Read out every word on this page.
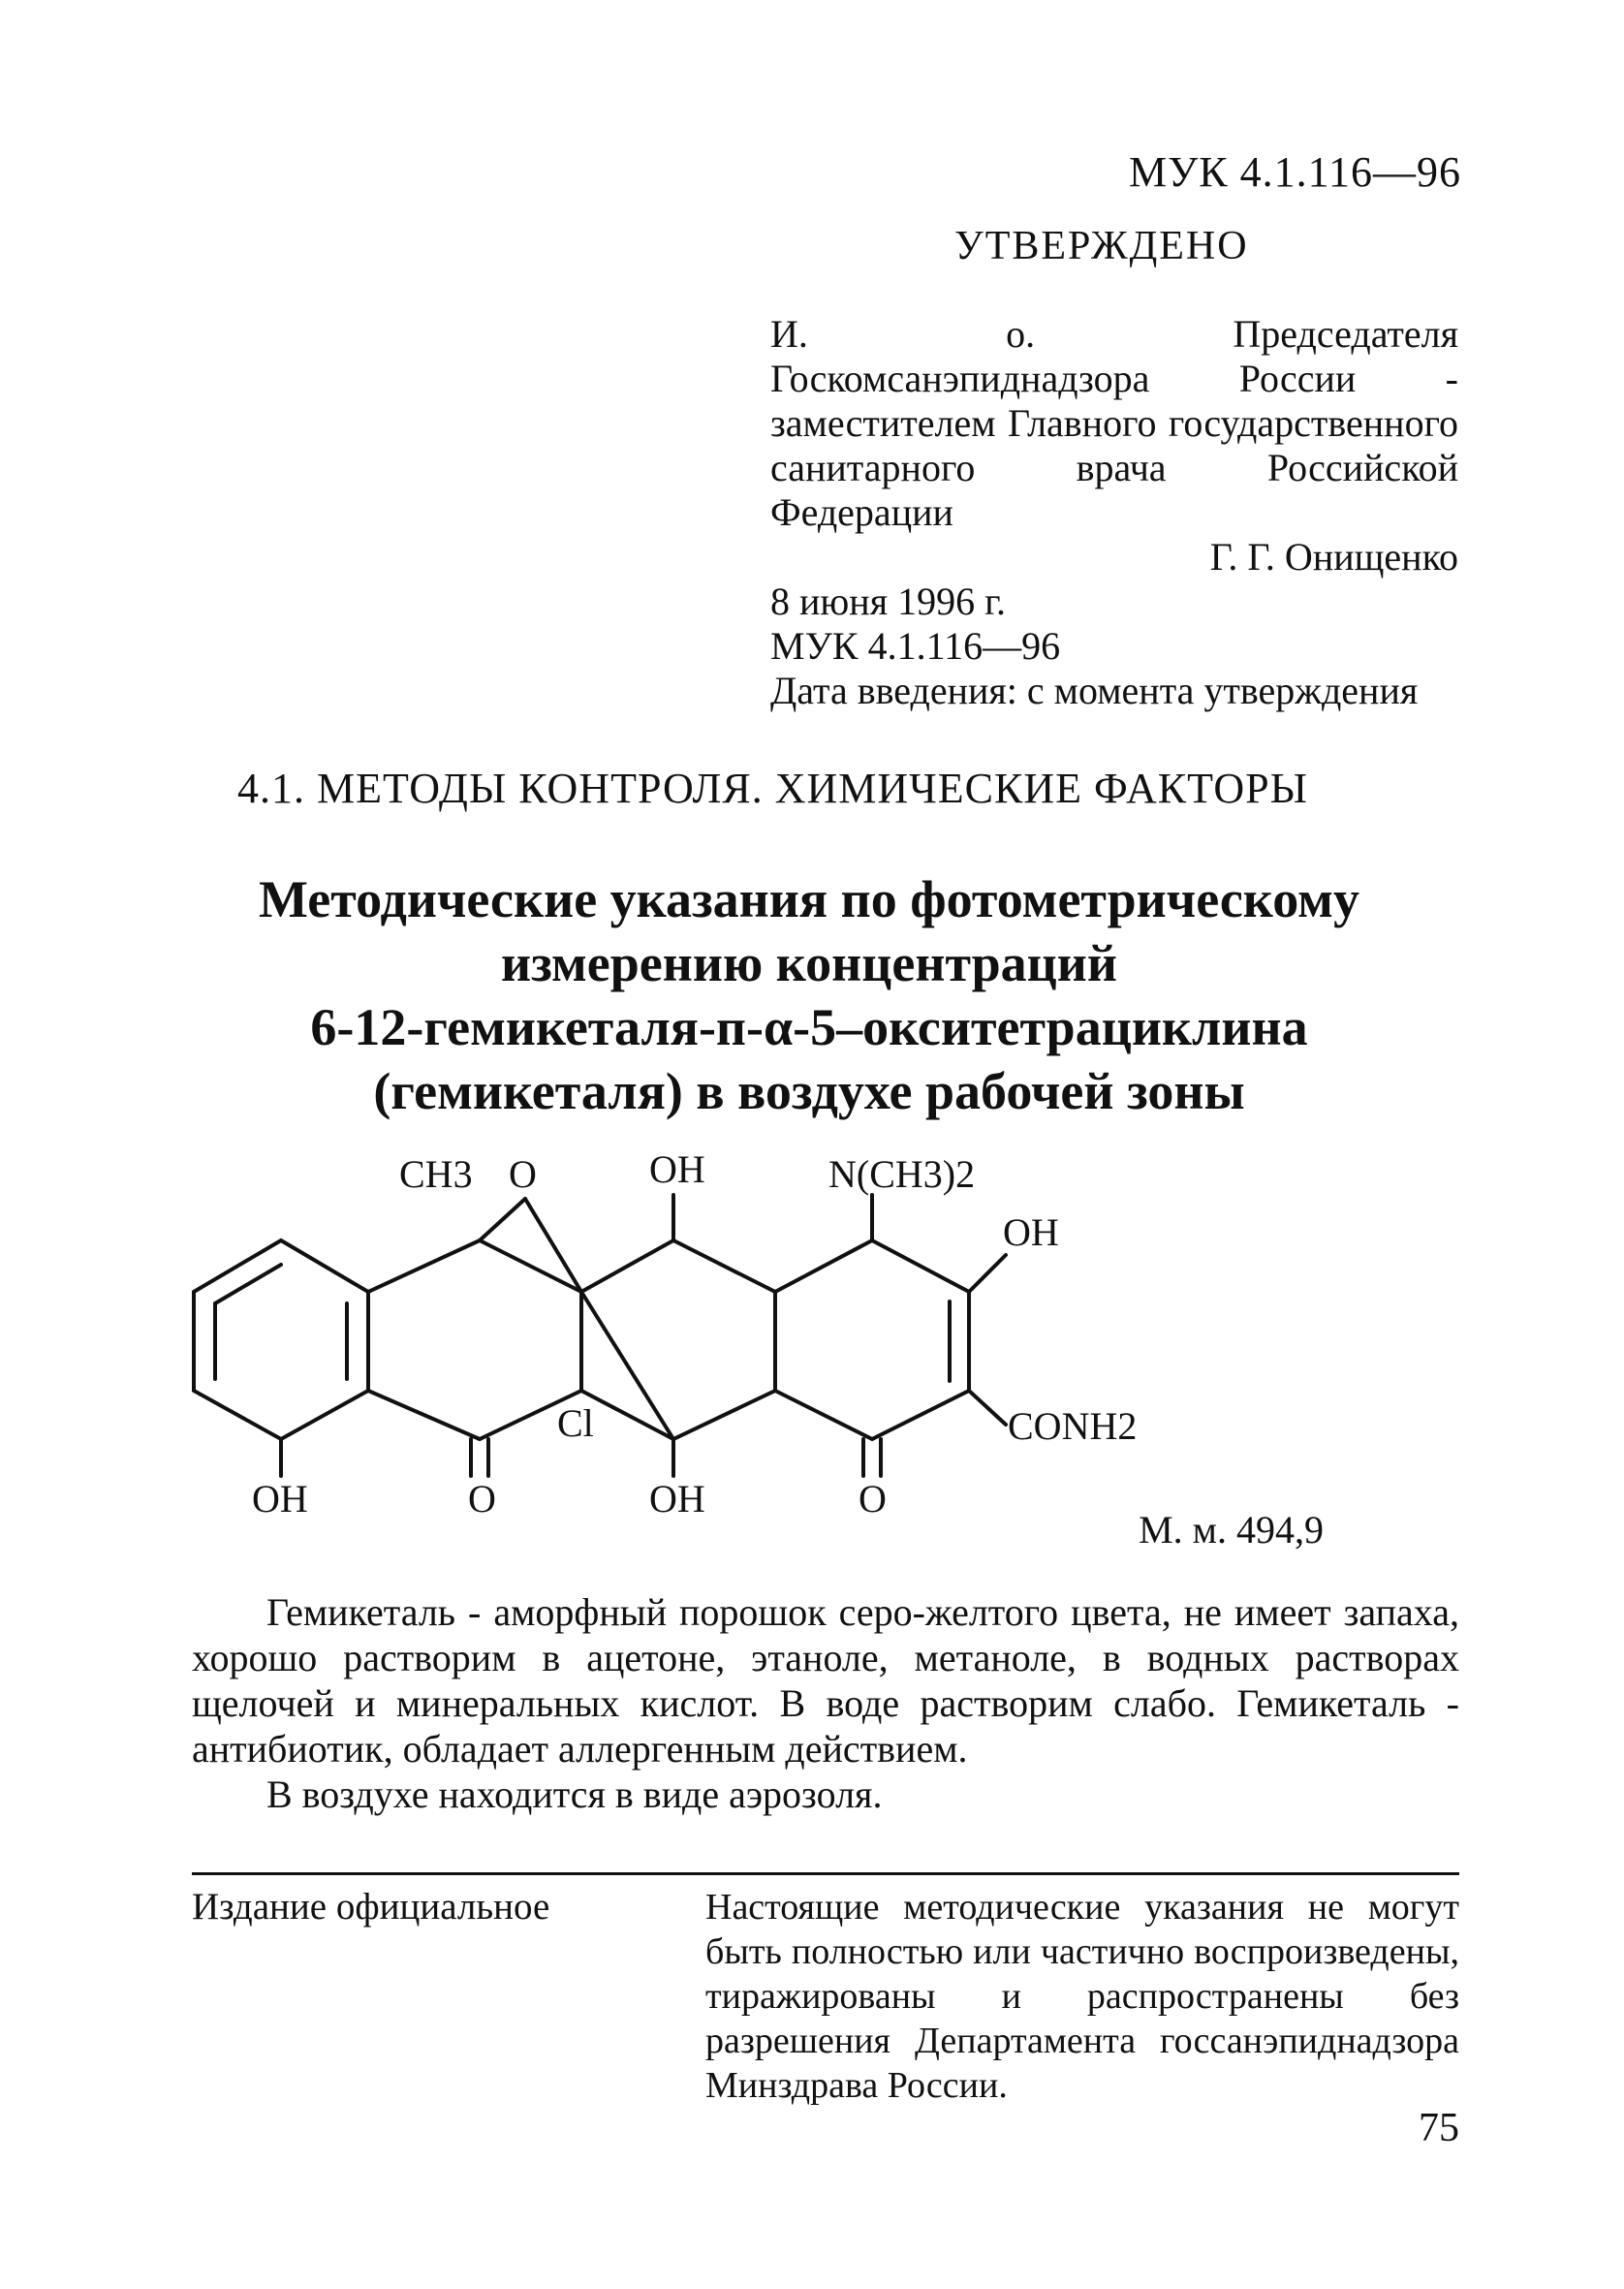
МУК 4.1.116—96
УТВЕРЖДЕНО

И. о. Председателя Госкомсанэпиднадзора России - заместителем Главного государственного санитарного врача Российской Федерации

Г. Г. Онищенко

8 июня 1996 г.

МУК 4.1.116—96

Дата введения: с момента утверждения

4.1. МЕТОДЫ КОНТРОЛЯ. ХИМИЧЕСКИЕ ФАКТОРЫ
Методические указания по фотометрическому
измерению концентраций
6-12-гемикеталя-п-α-5–окситетрациклина
(гемикеталя) в воздухе рабочей зоны
CH3 O	OH	N(CH3)2
OH
CONH2
Cl
OH	O	OH	O
М. м. 494,9

Гемикеталь - аморфный порошок серо-желтого цвета, не имеет запаха, хорошо растворим в ацетоне, этаноле, метаноле, в водных растворах щелочей и минеральных кислот. В воде растворим слабо. Гемикеталь - антибиотик, обладает аллергенным действием.

В воздухе находится в виде аэрозоля.

Издание официальное	Настоящие методические указания не могут быть полностью или частично воспроизведены, тиражированы и распространены без разрешения Департамента госсанэпиднадзора Минздрава России.
75
